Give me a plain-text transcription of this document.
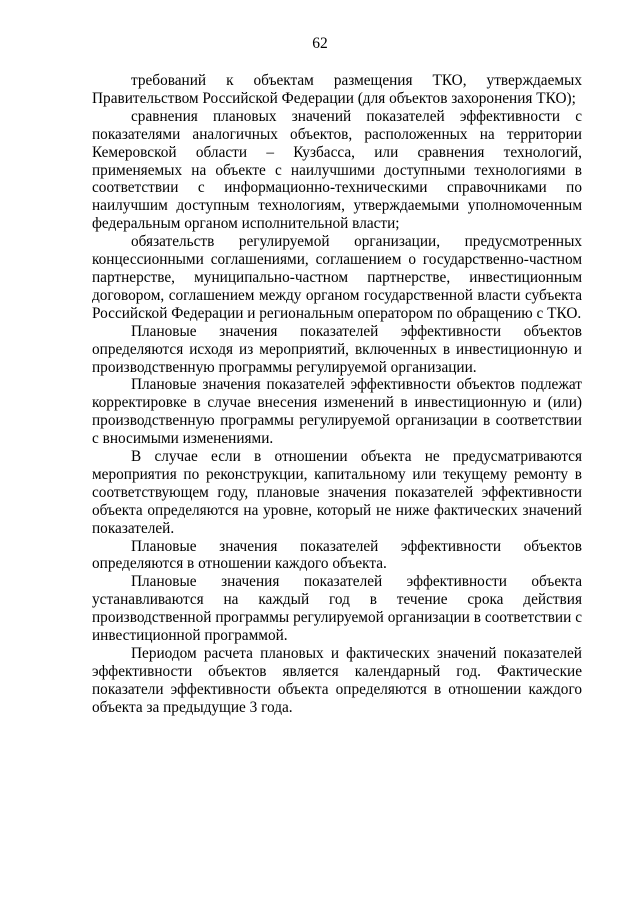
62

требований к объектам размещения ТКО, утверждаемых Правительством Российской Федерации (для объектов захоронения ТКО);

сравнения плановых значений показателей эффективности с показателями аналогичных объектов, расположенных на территории Кемеровской области – Кузбасса, или сравнения технологий, применяемых на объекте с наилучшими доступными технологиями в соответствии с информационно-техническими справочниками по наилучшим доступным технологиям, утверждаемыми уполномоченным федеральным органом исполнительной власти;

обязательств регулируемой организации, предусмотренных концессионными соглашениями, соглашением о государственно-частном партнерстве, муниципально-частном партнерстве, инвестиционным договором, соглашением между органом государственной власти субъекта Российской Федерации и региональным оператором по обращению с ТКО.

Плановые значения показателей эффективности объектов определяются исходя из мероприятий, включенных в инвестиционную и производственную программы регулируемой организации.

Плановые значения показателей эффективности объектов подлежат корректировке в случае внесения изменений в инвестиционную и (или) производственную программы регулируемой организации в соответствии с вносимыми изменениями.

В случае если в отношении объекта не предусматриваются мероприятия по реконструкции, капитальному или текущему ремонту в соответствующем году, плановые значения показателей эффективности объекта определяются на уровне, который не ниже фактических значений показателей.

Плановые значения показателей эффективности объектов определяются в отношении каждого объекта.

Плановые значения показателей эффективности объекта устанавливаются на каждый год в течение срока действия производственной программы регулируемой организации в соответствии с инвестиционной программой.

Периодом расчета плановых и фактических значений показателей эффективности объектов является календарный год. Фактические показатели эффективности объекта определяются в отношении каждого объекта за предыдущие 3 года.
